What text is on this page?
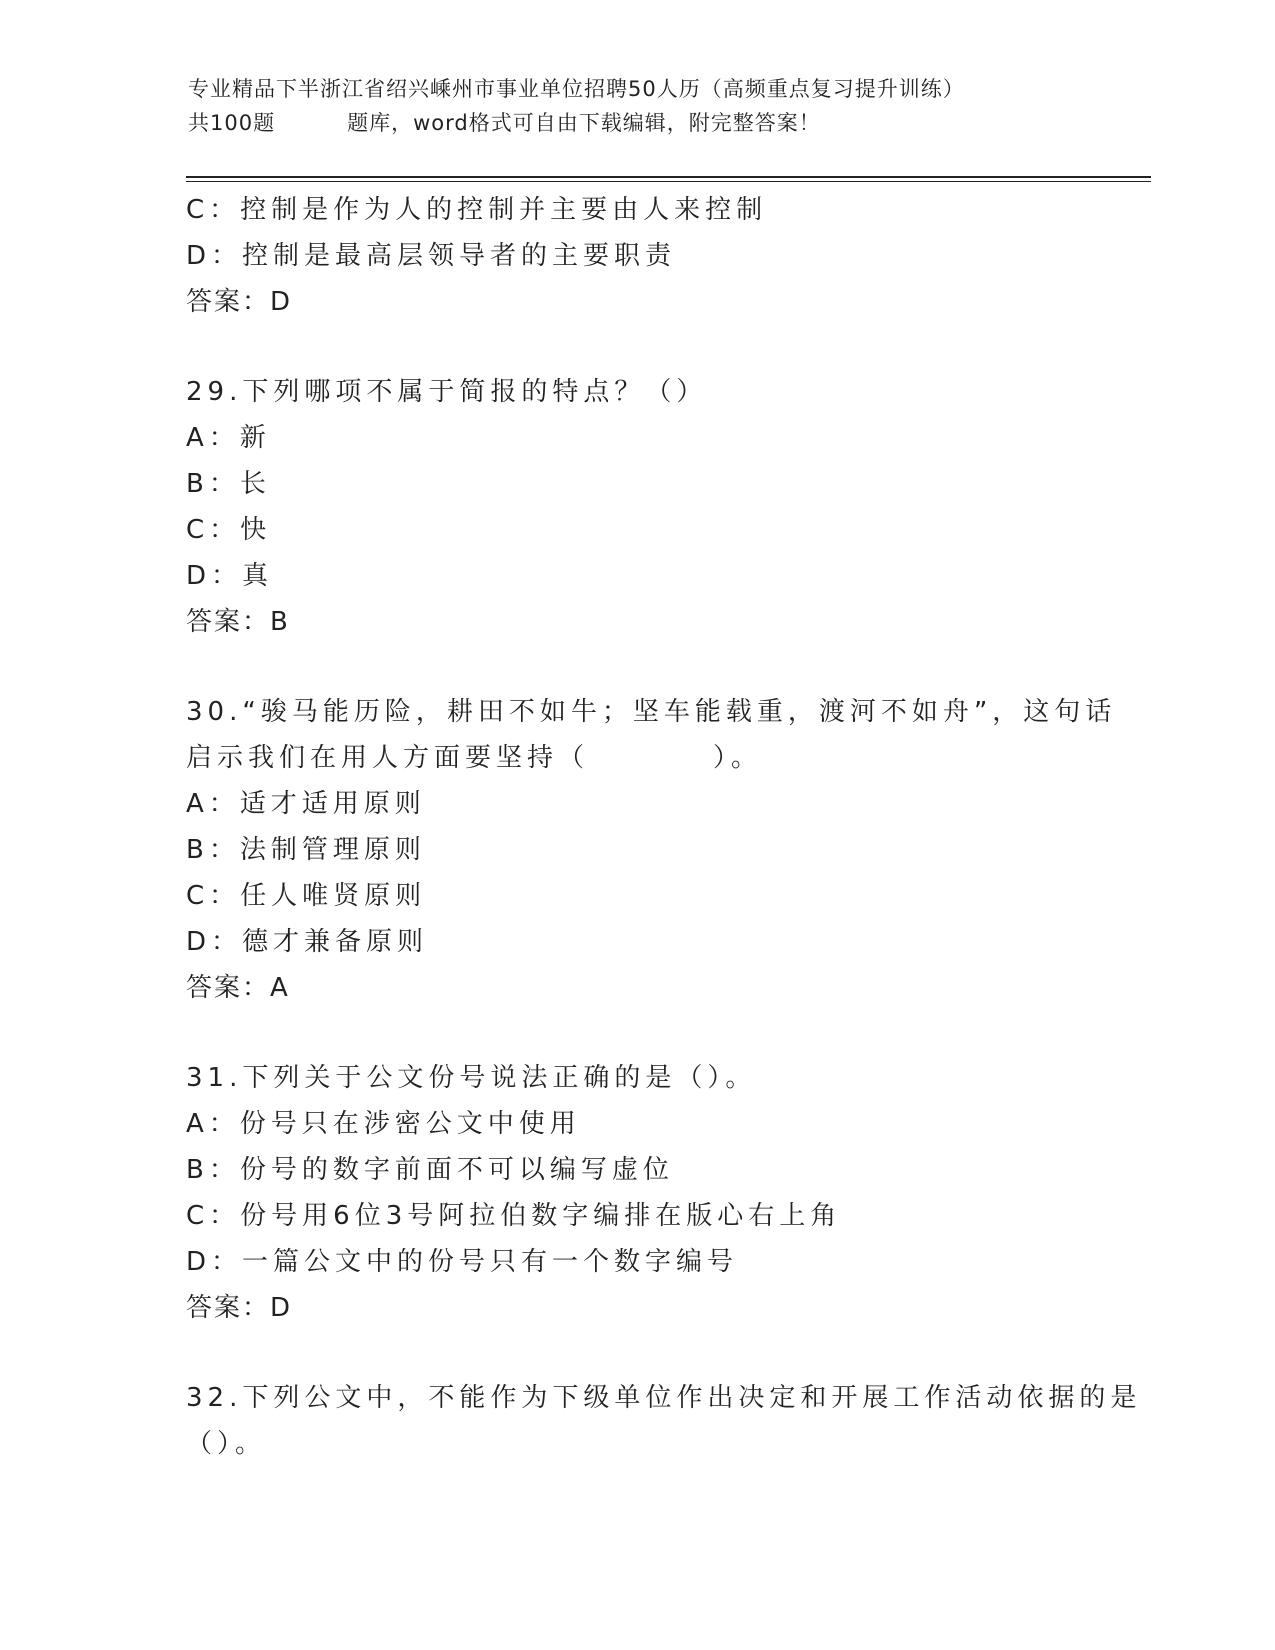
专业精品下半浙江省绍兴嵊州市事业单位招聘50人历（高频重点复习提升训练）
共100题	题库，word格式可自由下载编辑，附完整答案！
C：控制是作为人的控制并主要由人来控制
D：控制是最高层领导者的主要职责
答案：D
29.下列哪项不属于简报的特点？（）
A：新
B：长
C：快
D：真
答案：B
30.“骏马能历险，耕田不如牛；坚车能载重，渡河不如舟”，这句话
启示我们在用人方面要坚持（	）。
A：适才适用原则
B：法制管理原则
C：任人唯贤原则
D：德才兼备原则
答案：A
31.下列关于公文份号说法正确的是（）。
A：份号只在涉密公文中使用
B：份号的数字前面不可以编写虚位
C：份号用6位3号阿拉伯数字编排在版心右上角
D：一篇公文中的份号只有一个数字编号
答案：D
32.下列公文中，不能作为下级单位作出决定和开展工作活动依据的是
（）。
